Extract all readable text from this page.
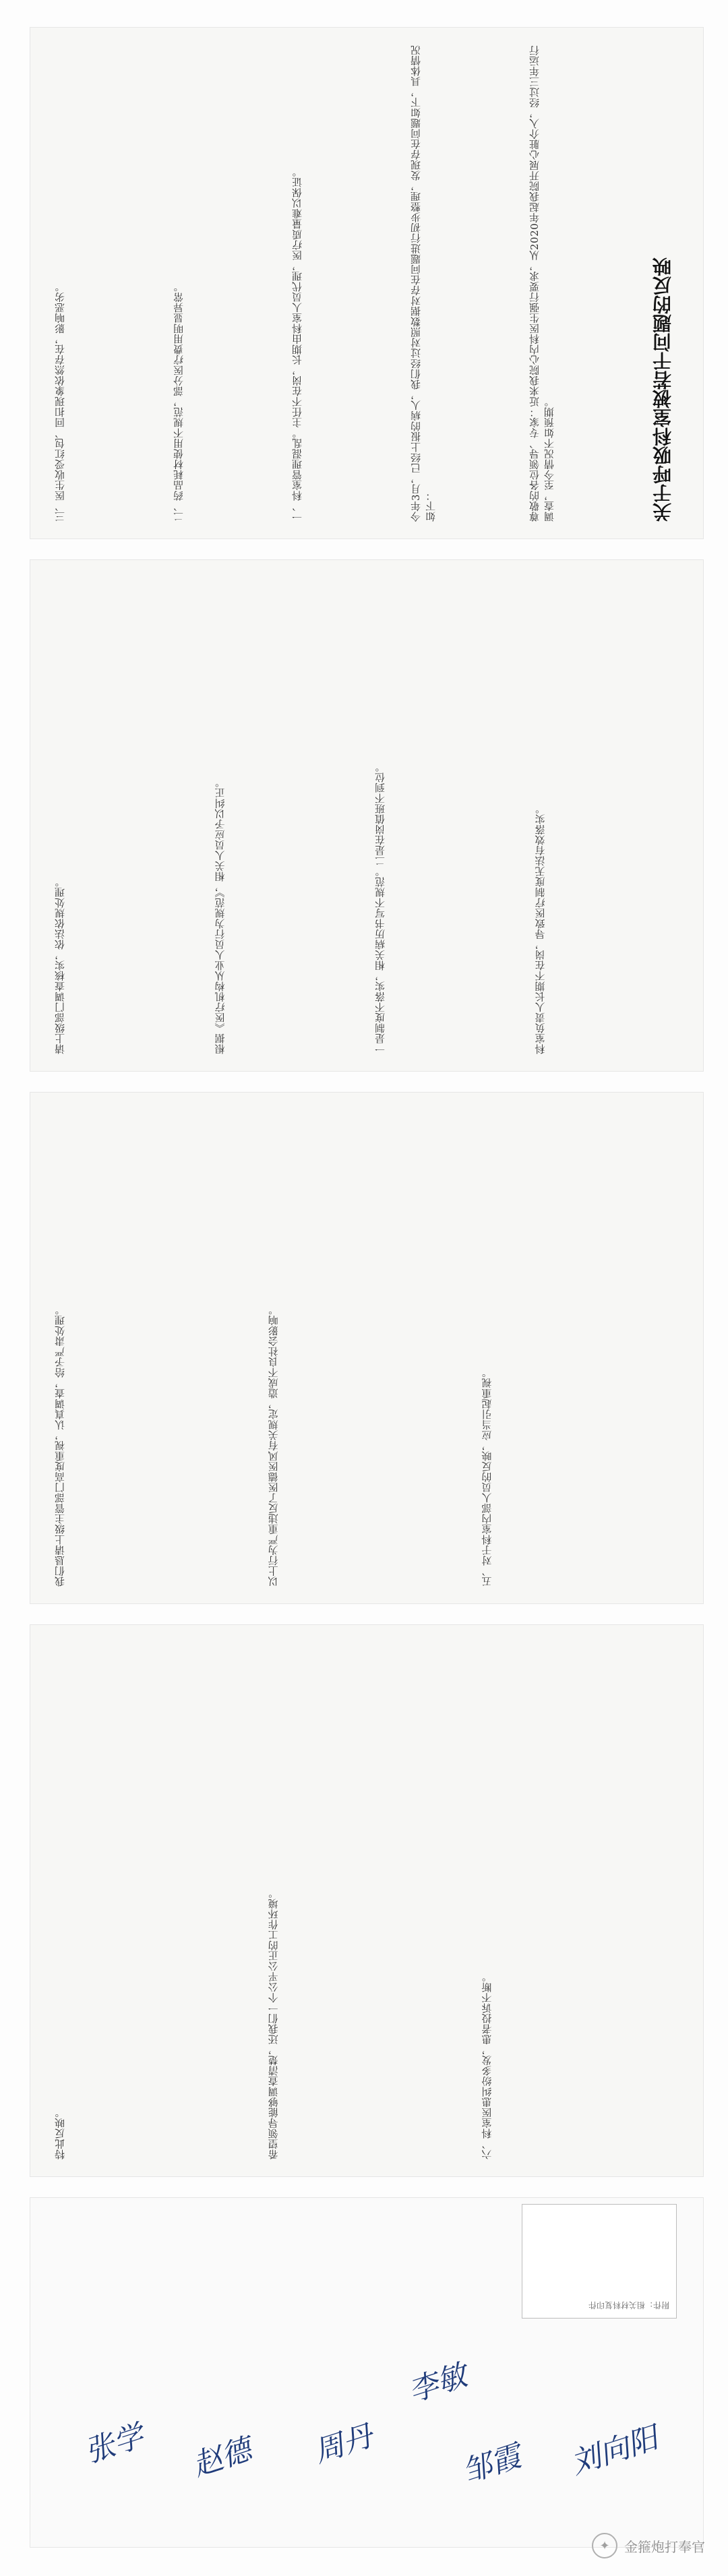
关于呼吸科室被若干问题的反映
尊敬的各位领导、专家：近来我院心内科医生强行要求，从2020年起我院开展心脏介入，经过三年运行调查，至今情况不如预期。
今年3月，已经上报的病人，我们经过对照数据对存在问题进行初步整理，发现存在问题如下，具体情况如下：
一、科室管理混乱。主任不在岗，长期由科室人员代理，医疗质量难以保证。
二、药品耗材使用不规范，部分医疗费用明显异常。
三、医生收受红包、回扣现象依然存在，影响恶劣。
科室负责人长期不在岗，导致医疗制度无法有效落实。
一是制度不落实，相关病历书写不规范。二是在岗值班不到位。
根据《医疗机构从业人员行为规范》，相关人员应予以纠正。
请上级部门调查核实，依法依规处理。
五、对于科室内部人员的反映，应当引起重视。
以上行为严重违反了医德医风有关规定，造成不良社会影响。
我们恳请上级主管部门高度重视，认真调查，给予严肃处理。
六、科室医患纠纷多发，患者投诉不断。
希望领导能够调查清楚，还我们一个公平公正的工作环境。
特此反映。
附件：相关材料复印件
张学 赵德 周丹
李敏
邹霞 刘向阳
✦	金箍炮打奉官
